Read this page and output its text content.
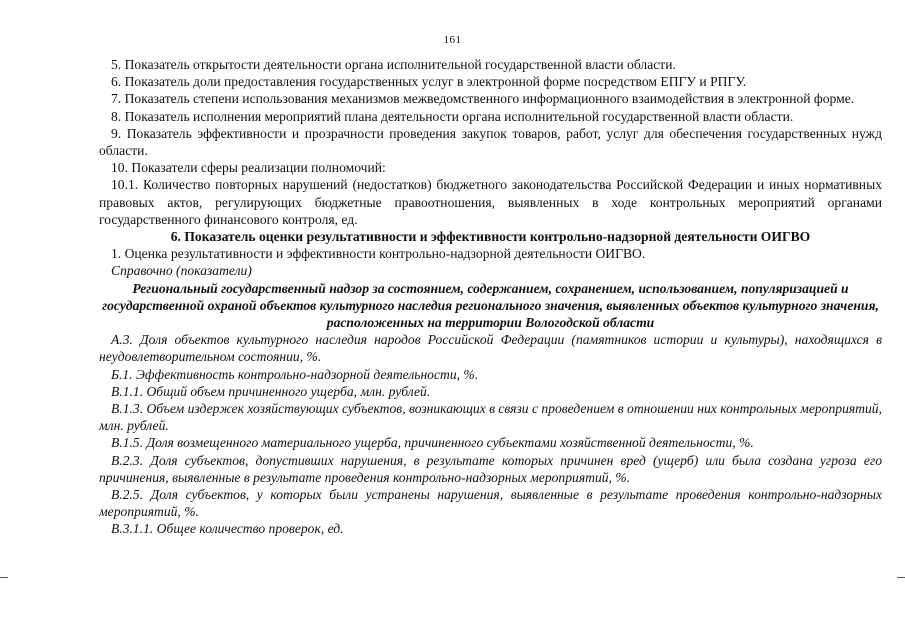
161

5. Показатель открытости деятельности органа исполнительной государственной власти области.

6. Показатель доли предоставления государственных услуг в электронной форме посредством ЕПГУ и РПГУ.

7. Показатель степени использования механизмов межведомственного информационного взаимодействия в электронной форме.

8. Показатель исполнения мероприятий плана деятельности органа исполнительной государственной власти области.

9. Показатель эффективности и прозрачности проведения закупок товаров, работ, услуг для обеспечения государственных нужд области.

10. Показатели сферы реализации полномочий:

10.1. Количество повторных нарушений (недостатков) бюджетного законодательства Российской Федерации и иных нормативных правовых актов, регулирующих бюджетные правоотношения, выявленных в ходе контрольных мероприятий органами государственного финансового контроля, ед.

6. Показатель оценки результативности и эффективности контрольно-надзорной деятельности ОИГВО

1. Оценка результативности и эффективности контрольно-надзорной деятельности ОИГВО.

Справочно (показатели)

Региональный государственный надзор за состоянием, содержанием, сохранением, использованием, популяризацией и государственной охраной объектов культурного наследия регионального значения, выявленных объектов культурного значения, расположенных на территории Вологодской области

А.3. Доля объектов культурного наследия народов Российской Федерации (памятников истории и культуры), находящихся в неудовлетворительном состоянии, %.

Б.1. Эффективность контрольно-надзорной деятельности, %.

В.1.1. Общий объем причиненного ущерба, млн. рублей.

В.1.3. Объем издержек хозяйствующих субъектов, возникающих в связи с проведением в отношении них контрольных мероприятий, млн. рублей.

В.1.5. Доля возмещенного материального ущерба, причиненного субъектами хозяйственной деятельности, %.

В.2.3. Доля субъектов, допустивших нарушения, в результате которых причинен вред (ущерб) или была создана угроза его причинения, выявленные в результате проведения контрольно-надзорных мероприятий, %.

В.2.5. Доля субъектов, у которых были устранены нарушения, выявленные в результате проведения контрольно-надзорных мероприятий, %.

В.3.1.1. Общее количество проверок, ед.
